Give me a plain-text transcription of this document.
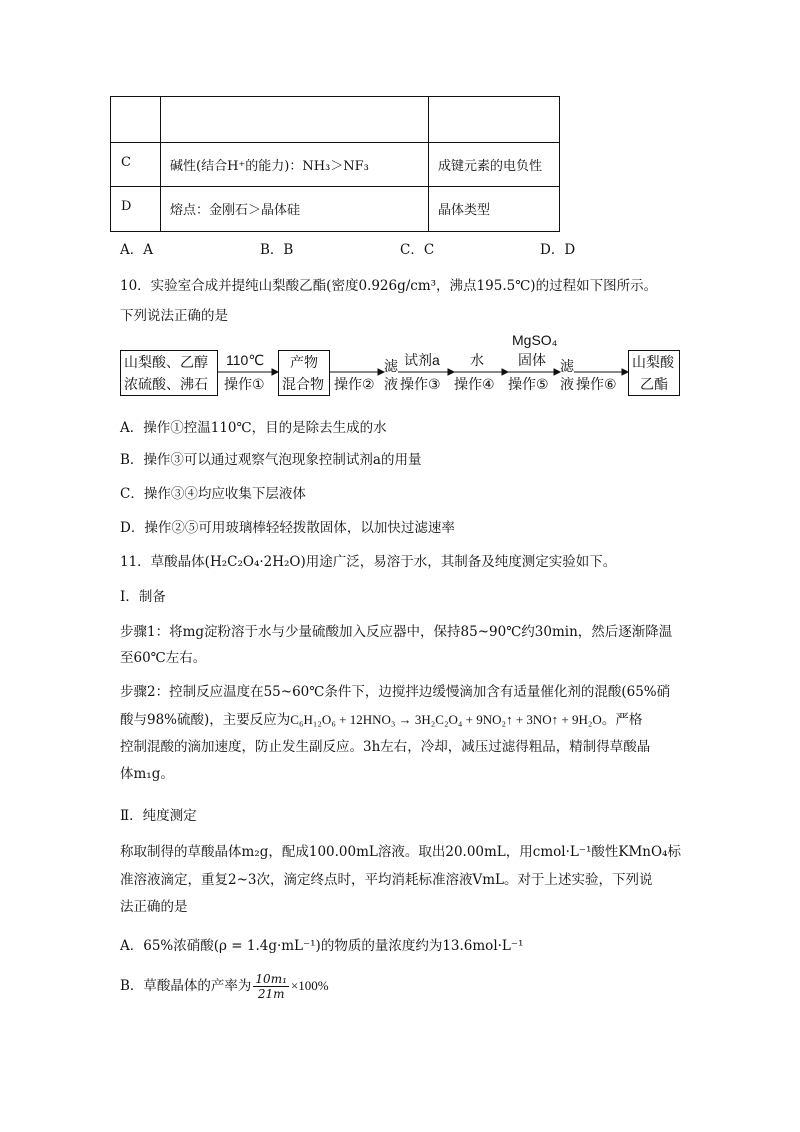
C	碱性(结合H⁺的能力)：NH₃＞NF₃	成键元素的电负性
D	熔点：金刚石＞晶体硅	晶体类型
A．A	B．B	C．C	D．D
10．实验室合成并提纯山梨酸乙酯(密度0.926g/cm³，沸点195.5℃)的过程如下图所示。
下列说法正确的是
山梨酸、乙醇
浓硫酸、沸石
110℃
操作①
产物
混合物 操作②
滤
液
试剂a
操作③
水
操作④
MgSO₄
固体
操作⑤
滤
液 操作⑥
山梨酸
乙酯
A．操作①控温110℃，目的是除去生成的水
B．操作③可以通过观察气泡现象控制试剂a的用量
C．操作③④均应收集下层液体
D．操作②⑤可用玻璃棒轻轻拨散固体，以加快过滤速率
11．草酸晶体(H₂C₂O₄·2H₂O)用途广泛，易溶于水，其制备及纯度测定实验如下。
Ⅰ．制备
步骤1：将mg淀粉溶于水与少量硫酸加入反应器中，保持85~90℃约30min，然后逐渐降温
至60℃左右。
步骤2：控制反应温度在55~60℃条件下，边搅拌边缓慢滴加含有适量催化剂的混酸(65%硝
酸与98%硫酸)，主要反应为C₆H₁₂O₆ + 12HNO₃ → 3H₂C₂O₄ + 9NO₂↑ + 3NO↑ + 9H₂O。严格
控制混酸的滴加速度，防止发生副反应。3h左右，冷却，减压过滤得粗品，精制得草酸晶
体m₁g。
Ⅱ．纯度测定
称取制得的草酸晶体m₂g，配成100.00mL溶液。取出20.00mL，用cmol·L⁻¹酸性KMnO₄标
准溶液滴定，重复2~3次，滴定终点时，平均消耗标准溶液VmL。对于上述实验，下列说
法正确的是
A．65%浓硝酸(ρ = 1.4g·mL⁻¹)的物质的量浓度约为13.6mol·L⁻¹
B．草酸晶体的产率为 $\frac{\text{10m₁}}{21m} \times 100\%$
